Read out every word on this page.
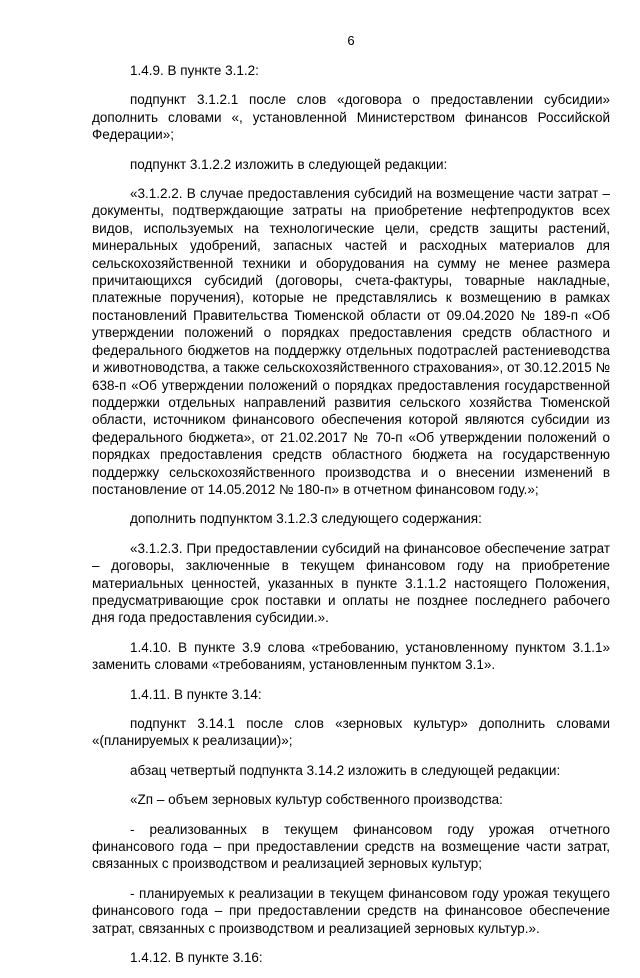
6

1.4.9. В пункте 3.1.2:

подпункт 3.1.2.1 после слов «договора о предоставлении субсидии» дополнить словами «, установленной Министерством финансов Российской Федерации»;

подпункт 3.1.2.2 изложить в следующей редакции:

«3.1.2.2. В случае предоставления субсидий на возмещение части затрат – документы, подтверждающие затраты на приобретение нефтепродуктов всех видов, используемых на технологические цели, средств защиты растений, минеральных удобрений, запасных частей и расходных материалов для сельскохозяйственной техники и оборудования на сумму не менее размера причитающихся субсидий (договоры, счета-фактуры, товарные накладные, платежные поручения), которые не представлялись к возмещению в рамках постановлений Правительства Тюменской области от 09.04.2020 № 189-п «Об утверждении положений о порядках предоставления средств областного и федерального бюджетов на поддержку отдельных подотраслей растениеводства и животноводства, а также сельскохозяйственного страхования», от 30.12.2015 № 638-п «Об утверждении положений о порядках предоставления государственной поддержки отдельных направлений развития сельского хозяйства Тюменской области, источником финансового обеспечения которой являются субсидии из федерального бюджета», от 21.02.2017 № 70-п «Об утверждении положений о порядках предоставления средств областного бюджета на государственную поддержку сельскохозяйственного производства и о внесении изменений в постановление от 14.05.2012 № 180-п» в отчетном финансовом году.»;

дополнить подпунктом 3.1.2.3 следующего содержания:

«3.1.2.3. При предоставлении субсидий на финансовое обеспечение затрат – договоры, заключенные в текущем финансовом году на приобретение материальных ценностей, указанных в пункте 3.1.1.2 настоящего Положения, предусматривающие срок поставки и оплаты не позднее последнего рабочего дня года предоставления субсидии.».

1.4.10. В пункте 3.9 слова «требованию, установленному пунктом 3.1.1» заменить словами «требованиям, установленным пунктом 3.1».

1.4.11. В пункте 3.14:

подпункт 3.14.1 после слов «зерновых культур» дополнить словами «(планируемых к реализации)»;

абзац четвертый подпункта 3.14.2 изложить в следующей редакции:

«Zп – объем зерновых культур собственного производства:

- реализованных в текущем финансовом году урожая отчетного финансового года – при предоставлении средств на возмещение части затрат, связанных с производством и реализацией зерновых культур;

- планируемых к реализации в текущем финансовом году урожая текущего финансового года – при предоставлении средств на финансовое обеспечение затрат, связанных с производством и реализацией зерновых культур.».

1.4.12. В пункте 3.16:
